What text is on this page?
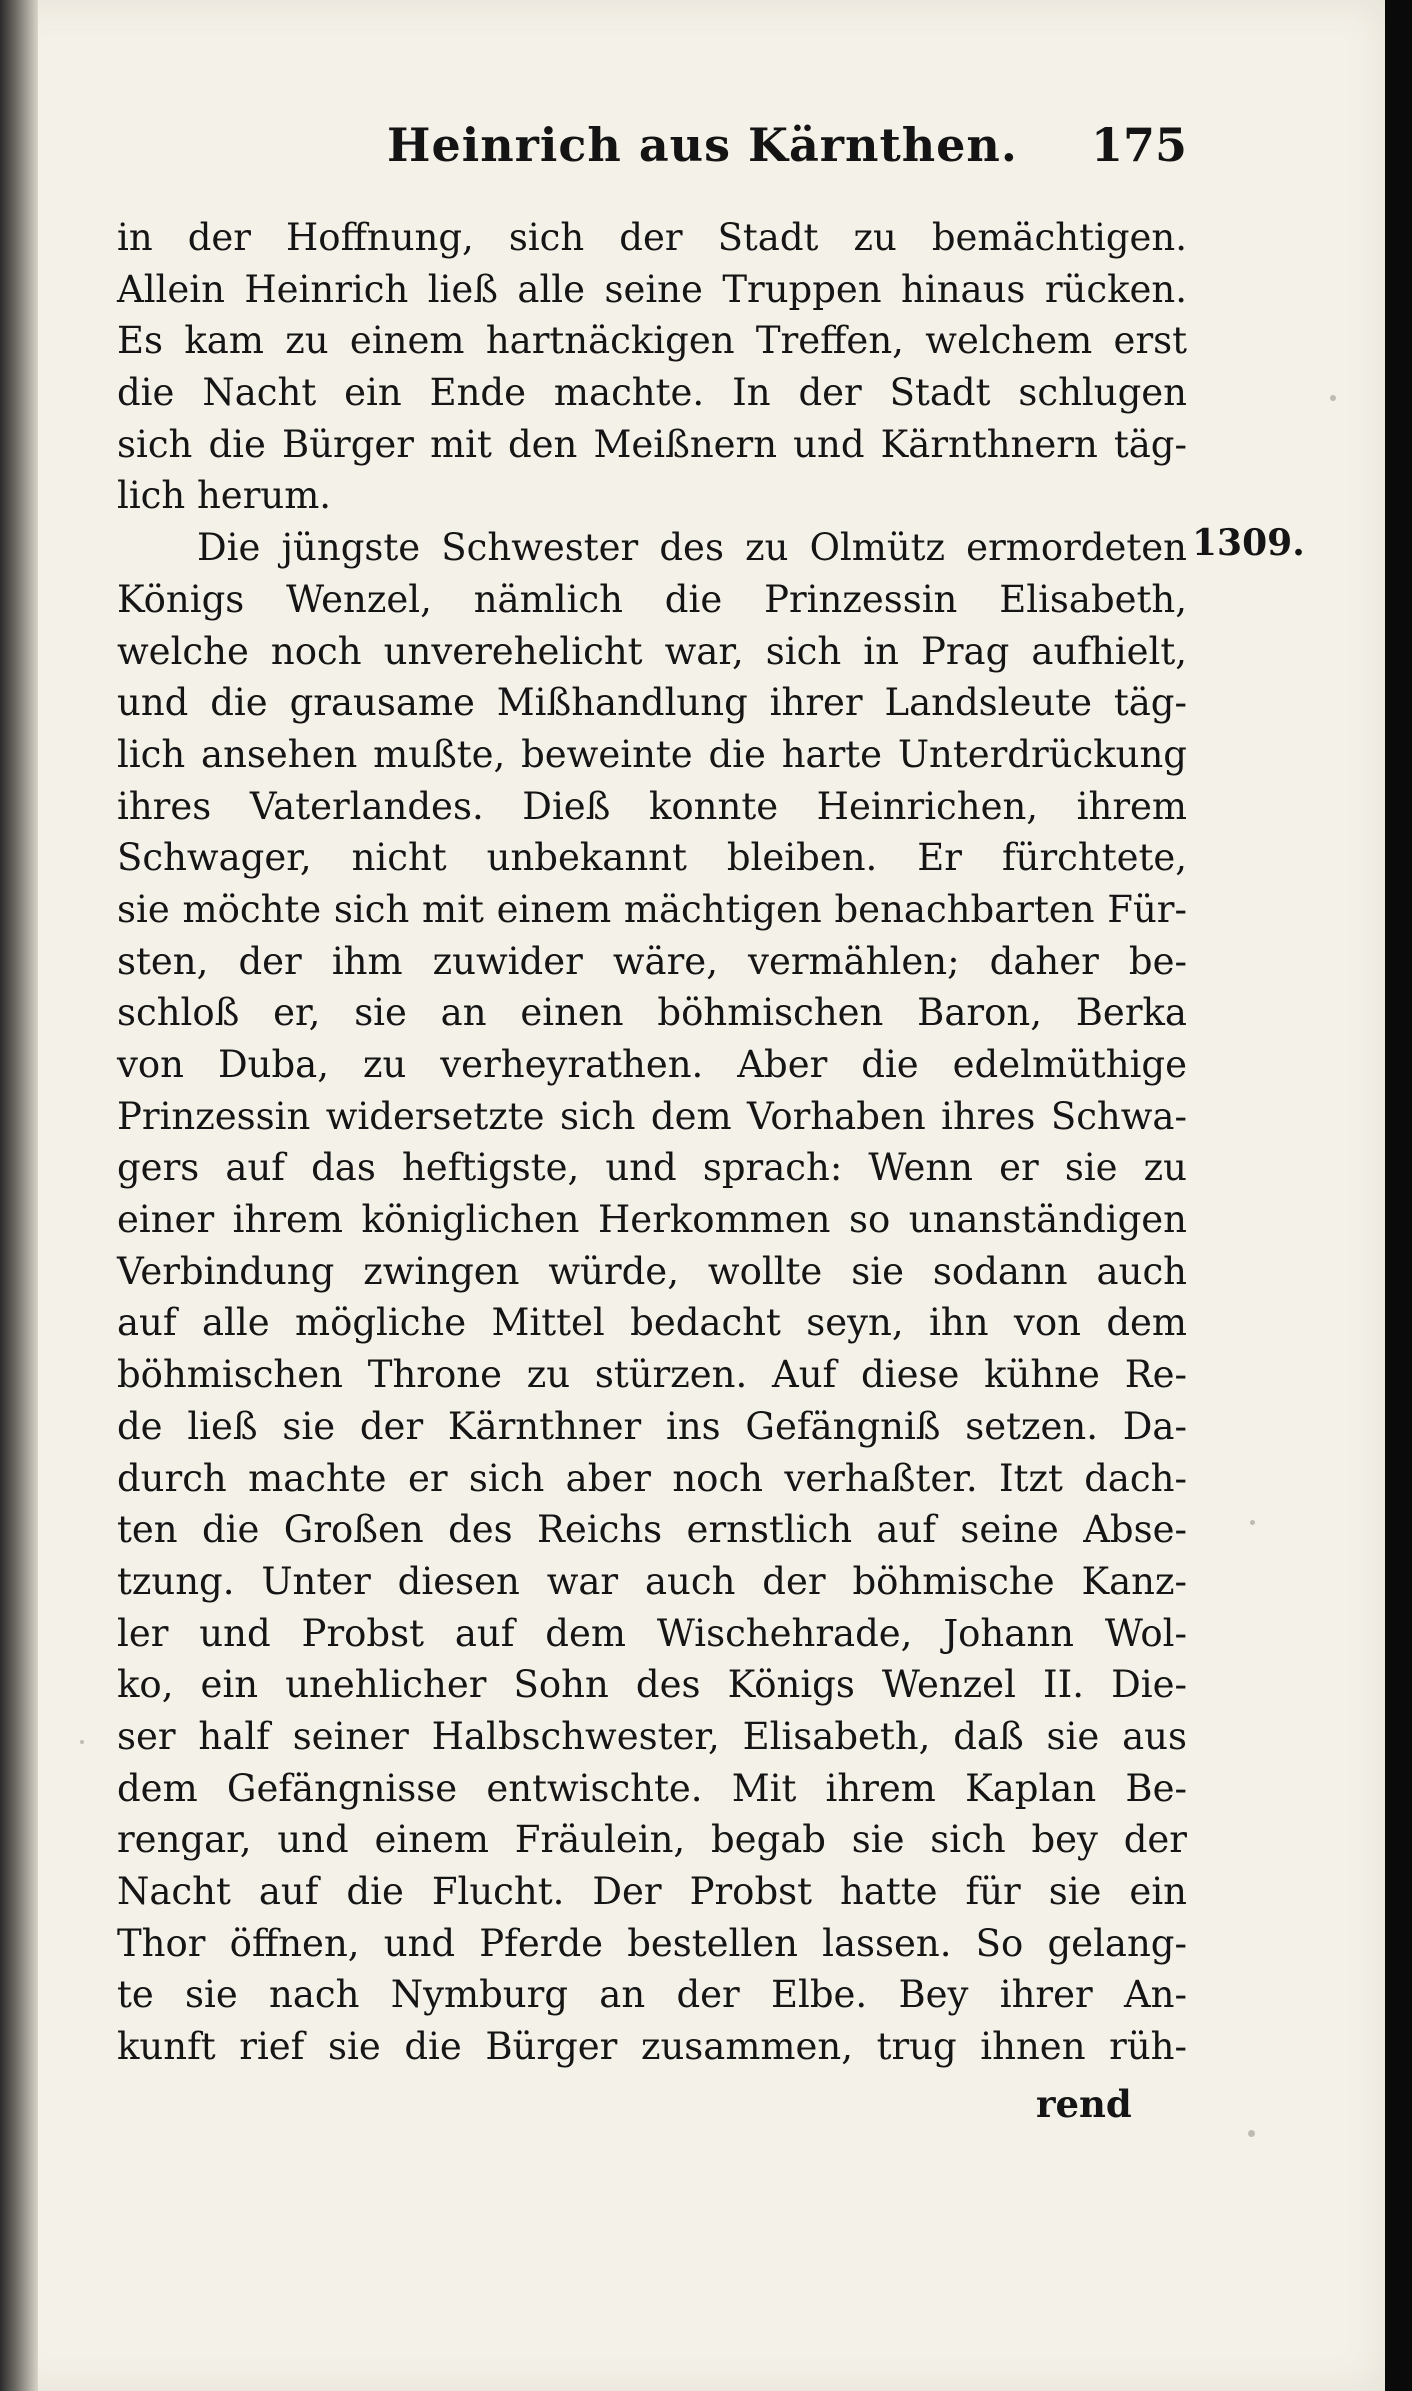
Heinrich aus Kärnthen. 175
1309.
in der Hoffnung, sich der Stadt zu bemächtigen.
Allein Heinrich ließ alle seine Truppen hinaus rücken.
Es kam zu einem hartnäckigen Treffen, welchem erst
die Nacht ein Ende machte. In der Stadt schlugen
sich die Bürger mit den Meißnern und Kärnthnern täg-
lich herum.
Die jüngste Schwester des zu Olmütz ermordeten
Königs Wenzel, nämlich die Prinzessin Elisabeth,
welche noch unverehelicht war, sich in Prag aufhielt,
und die grausame Mißhandlung ihrer Landsleute täg-
lich ansehen mußte, beweinte die harte Unterdrückung
ihres Vaterlandes. Dieß konnte Heinrichen, ihrem
Schwager, nicht unbekannt bleiben. Er fürchtete,
sie möchte sich mit einem mächtigen benachbarten Für-
sten, der ihm zuwider wäre, vermählen; daher be-
schloß er, sie an einen böhmischen Baron, Berka
von Duba, zu verheyrathen. Aber die edelmüthige
Prinzessin widersetzte sich dem Vorhaben ihres Schwa-
gers auf das heftigste, und sprach: Wenn er sie zu
einer ihrem königlichen Herkommen so unanständigen
Verbindung zwingen würde, wollte sie sodann auch
auf alle mögliche Mittel bedacht seyn, ihn von dem
böhmischen Throne zu stürzen. Auf diese kühne Re-
de ließ sie der Kärnthner ins Gefängniß setzen. Da-
durch machte er sich aber noch verhaßter. Itzt dach-
ten die Großen des Reichs ernstlich auf seine Abse-
tzung. Unter diesen war auch der böhmische Kanz-
ler und Probst auf dem Wischehrade, Johann Wol-
ko, ein unehlicher Sohn des Königs Wenzel II. Die-
ser half seiner Halbschwester, Elisabeth, daß sie aus
dem Gefängnisse entwischte. Mit ihrem Kaplan Be-
rengar, und einem Fräulein, begab sie sich bey der
Nacht auf die Flucht. Der Probst hatte für sie ein
Thor öffnen, und Pferde bestellen lassen. So gelang-
te sie nach Nymburg an der Elbe. Bey ihrer An-
kunft rief sie die Bürger zusammen, trug ihnen rüh-
rend
